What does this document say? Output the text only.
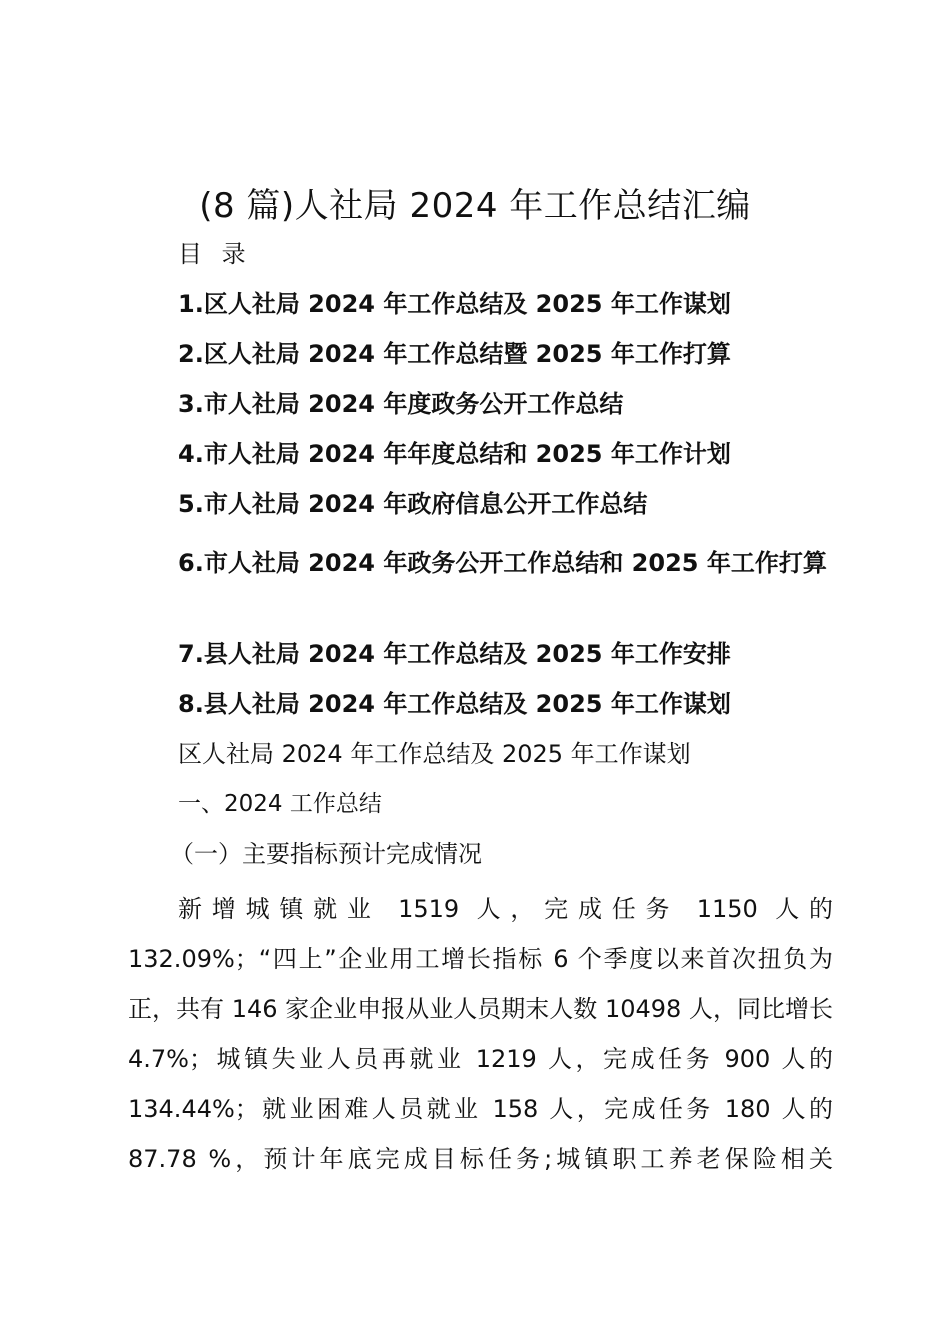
(8 篇)人社局 2024 年工作总结汇编
目 录
1.区人社局 2024 年工作总结及 2025 年工作谋划
2.区人社局 2024 年工作总结暨 2025 年工作打算
3.市人社局 2024 年度政务公开工作总结
4.市人社局 2024 年年度总结和 2025 年工作计划
5.市人社局 2024 年政府信息公开工作总结
6.市人社局 2024 年政务公开工作总结和 2025 年工作打算
7.县人社局 2024 年工作总结及 2025 年工作安排
8.县人社局 2024 年工作总结及 2025 年工作谋划
区人社局 2024 年工作总结及 2025 年工作谋划
一、2024 工作总结
（一）主要指标预计完成情况
新增城镇就业 1519 人，完成任务 1150 人的 132.09%；“四上”企业用工增长指标 6 个季度以来首次扭负为正，共有 146 家企业申报从业人员期末人数 10498 人，同比增长 4.7%；城镇失业人员再就业 1219 人，完成任务 900 人的 134.44%；就业困难人员就业 158 人，完成任务 180 人的 87.78 %，预计年底完成目标任务;城镇职工养老保险相关
